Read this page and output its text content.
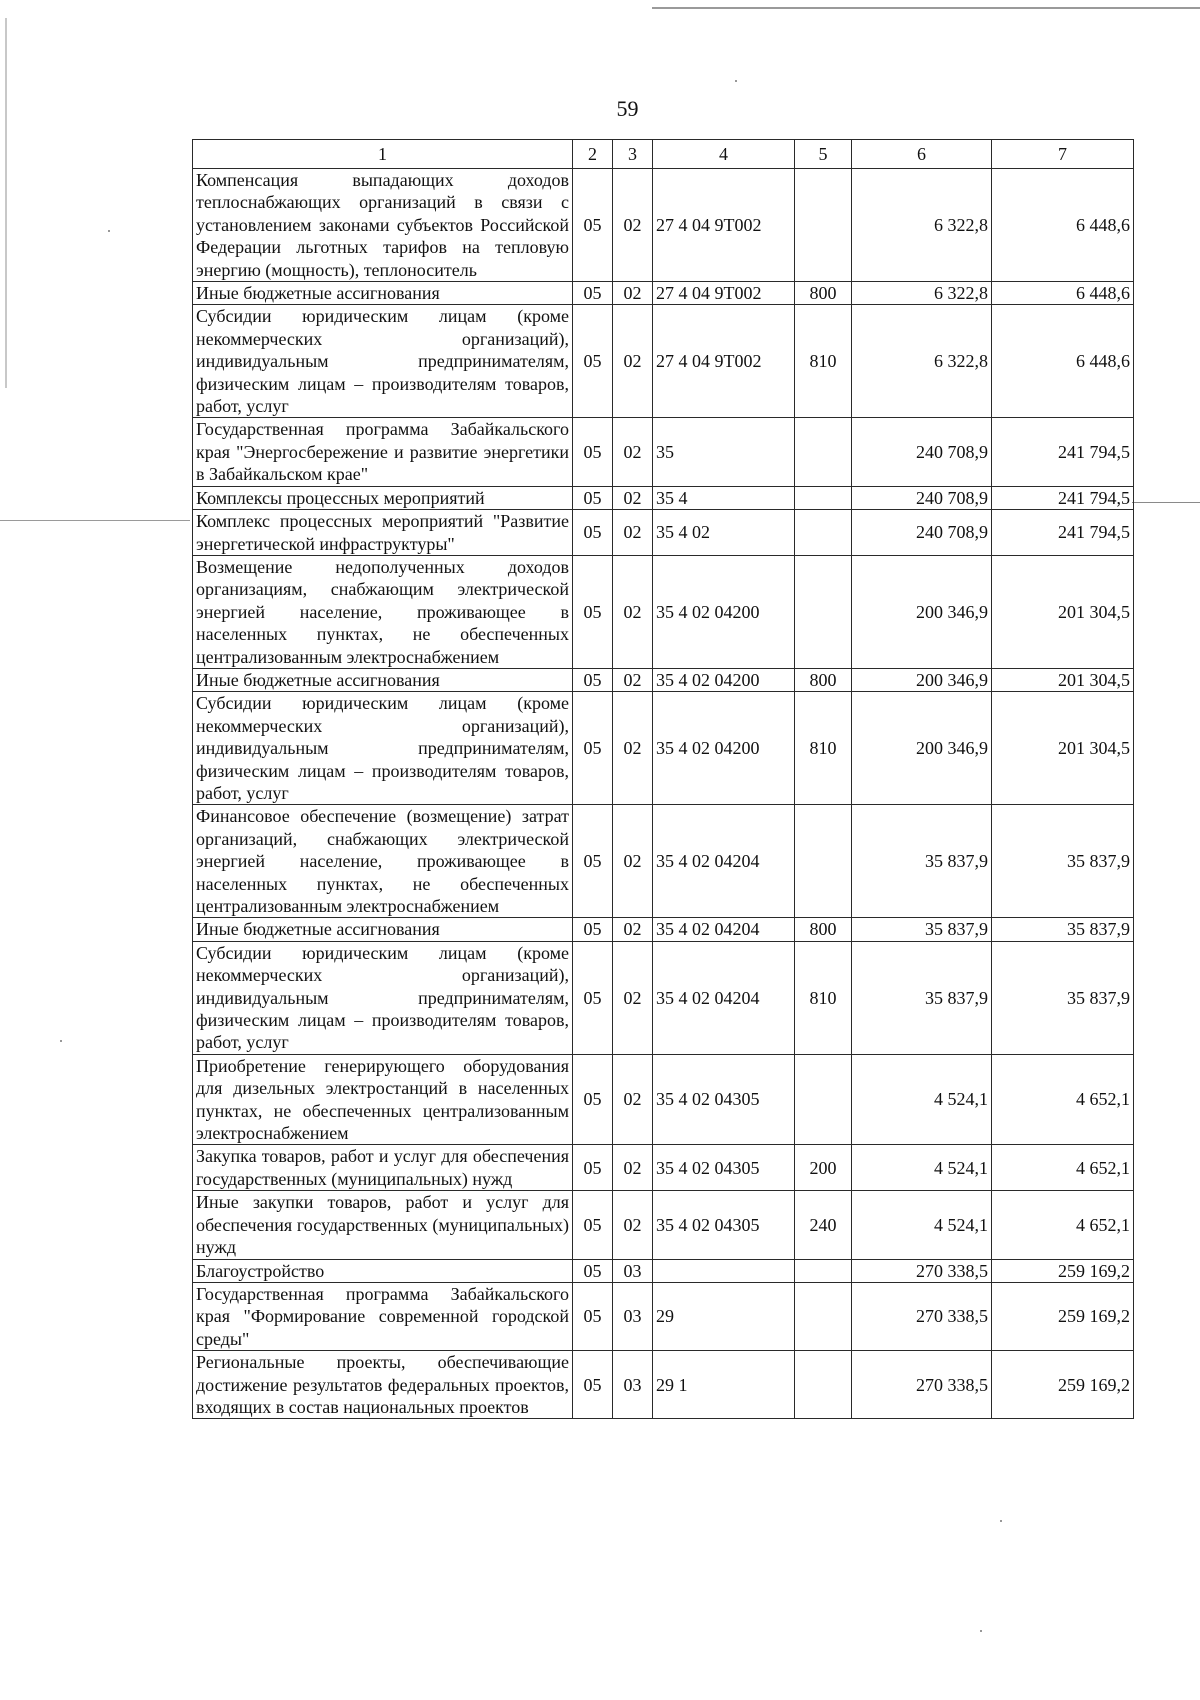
59
1	2	3	4	5	6	7
Компенсация выпадающих доходов теплоснабжающих организаций в связи с установлением законами субъектов Российской Федерации льготных тарифов на тепловую энергию (мощность), теплоноситель	05	02	27 4 04 9Т002		6 322,8	6 448,6
Иные бюджетные ассигнования	05	02	27 4 04 9Т002	800	6 322,8	6 448,6
Субсидии юридическим лицам (кроме некоммерческих организаций), индивидуальным предпринимателям, физическим лицам – производителям товаров, работ, услуг	05	02	27 4 04 9Т002	810	6 322,8	6 448,6
Государственная программа Забайкальского края "Энергосбережение и развитие энергетики в Забайкальском крае"	05	02	35		240 708,9	241 794,5
Комплексы процессных мероприятий	05	02	35 4		240 708,9	241 794,5
Комплекс процессных мероприятий "Развитие энергетической инфраструктуры"	05	02	35 4 02		240 708,9	241 794,5
Возмещение недополученных доходов организациям, снабжающим электрической энергией население, проживающее в населенных пунктах, не обеспеченных централизованным электроснабжением	05	02	35 4 02 04200		200 346,9	201 304,5
Иные бюджетные ассигнования	05	02	35 4 02 04200	800	200 346,9	201 304,5
Субсидии юридическим лицам (кроме некоммерческих организаций), индивидуальным предпринимателям, физическим лицам – производителям товаров, работ, услуг	05	02	35 4 02 04200	810	200 346,9	201 304,5
Финансовое обеспечение (возмещение) затрат организаций, снабжающих электрической энергией население, проживающее в населенных пунктах, не обеспеченных централизованным электроснабжением	05	02	35 4 02 04204		35 837,9	35 837,9
Иные бюджетные ассигнования	05	02	35 4 02 04204	800	35 837,9	35 837,9
Субсидии юридическим лицам (кроме некоммерческих организаций), индивидуальным предпринимателям, физическим лицам – производителям товаров, работ, услуг	05	02	35 4 02 04204	810	35 837,9	35 837,9
Приобретение генерирующего оборудования для дизельных электростанций в населенных пунктах, не обеспеченных централизованным электроснабжением	05	02	35 4 02 04305		4 524,1	4 652,1
Закупка товаров, работ и услуг для обеспечения государственных (муниципальных) нужд	05	02	35 4 02 04305	200	4 524,1	4 652,1
Иные закупки товаров, работ и услуг для обеспечения государственных (муниципальных) нужд	05	02	35 4 02 04305	240	4 524,1	4 652,1
Благоустройство	05	03			270 338,5	259 169,2
Государственная программа Забайкальского края "Формирование современной городской среды"	05	03	29		270 338,5	259 169,2
Региональные проекты, обеспечивающие достижение результатов федеральных проектов, входящих в состав национальных проектов	05	03	29 1		270 338,5	259 169,2
